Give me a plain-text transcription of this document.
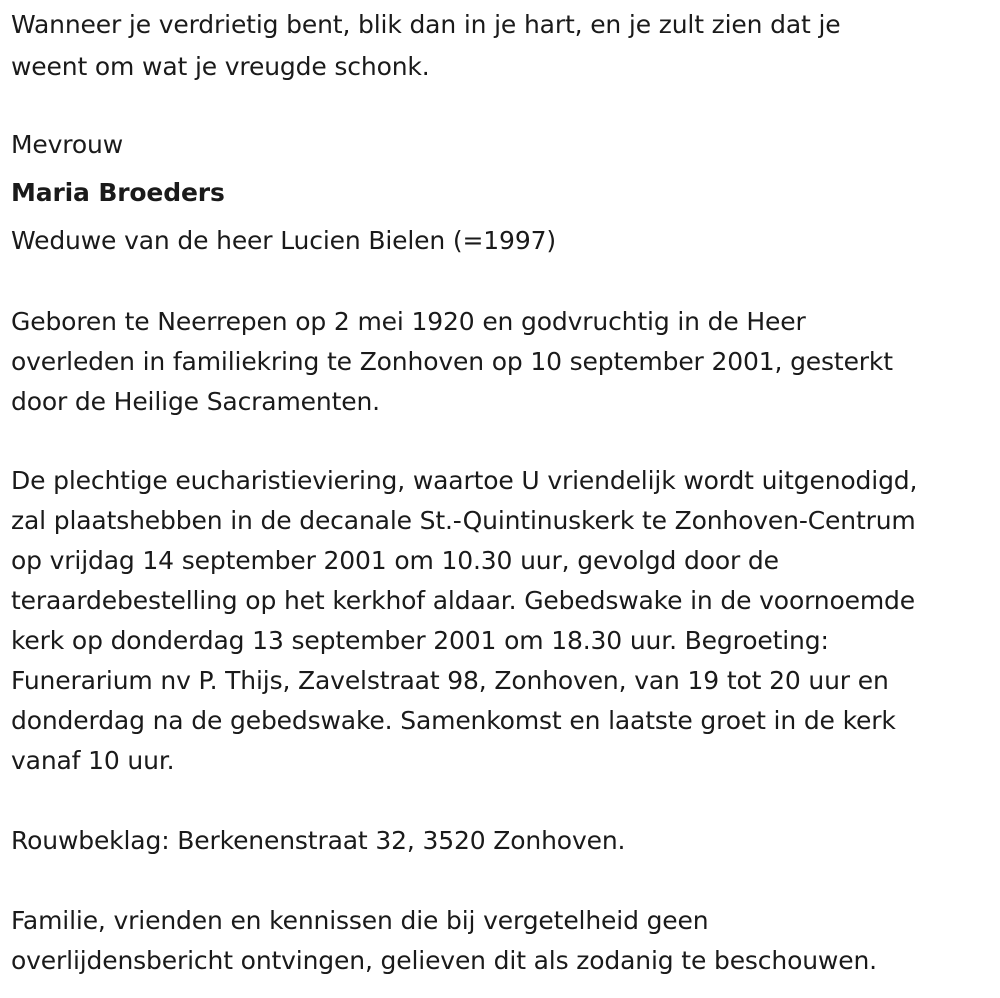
Wanneer je verdrietig bent, blik dan in je hart, en je zult zien dat je
weent om wat je vreugde schonk.
Mevrouw
Maria Broeders
Weduwe van de heer Lucien Bielen (=1997)
Geboren te Neerrepen op 2 mei 1920 en godvruchtig in de Heer
overleden in familiekring te Zonhoven op 10 september 2001, gesterkt
door de Heilige Sacramenten.
De plechtige eucharistieviering, waartoe U vriendelijk wordt uitgenodigd,
zal plaatshebben in de decanale St.-Quintinuskerk te Zonhoven-Centrum
op vrijdag 14 september 2001 om 10.30 uur, gevolgd door de
teraardebestelling op het kerkhof aldaar. Gebedswake in de voornoemde
kerk op donderdag 13 september 2001 om 18.30 uur. Begroeting:
Funerarium nv P. Thijs, Zavelstraat 98, Zonhoven, van 19 tot 20 uur en
donderdag na de gebedswake. Samenkomst en laatste groet in de kerk
vanaf 10 uur.
Rouwbeklag: Berkenenstraat 32, 3520 Zonhoven.
Familie, vrienden en kennissen die bij vergetelheid geen
overlijdensbericht ontvingen, gelieven dit als zodanig te beschouwen.
